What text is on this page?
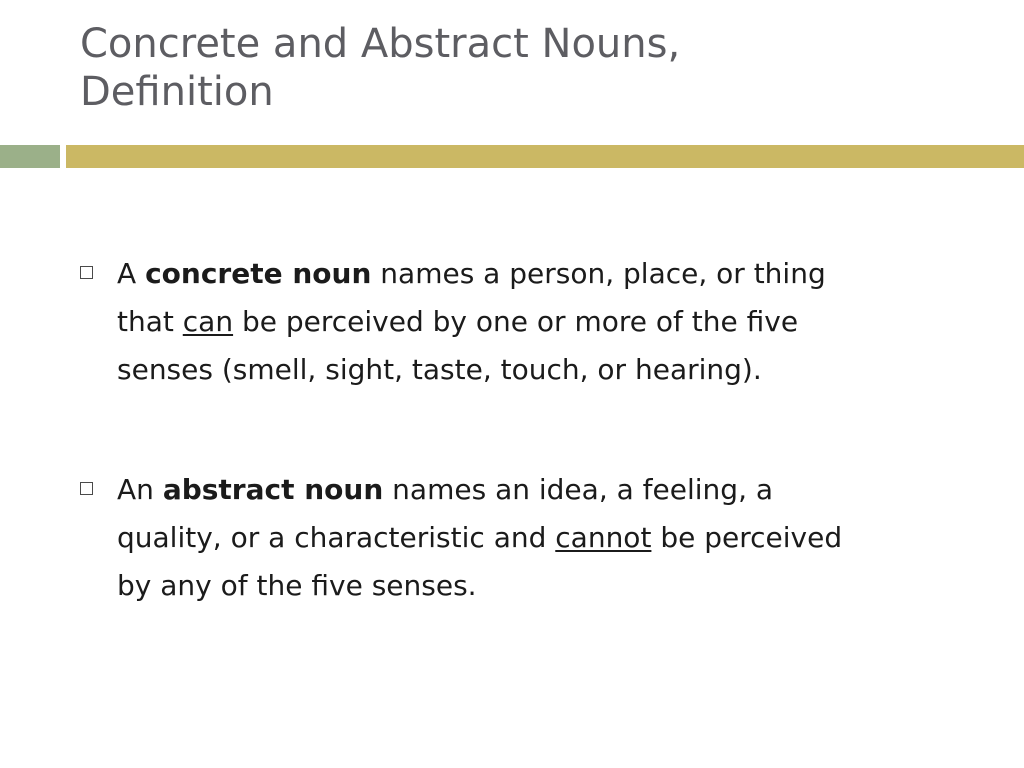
Concrete and Abstract Nouns,
Definition
A concrete noun names a person, place, or thing
that can be perceived by one or more of the five
senses (smell, sight, taste, touch, or hearing).
An abstract noun names an idea, a feeling, a
quality, or a characteristic and cannot be perceived
by any of the five senses.
